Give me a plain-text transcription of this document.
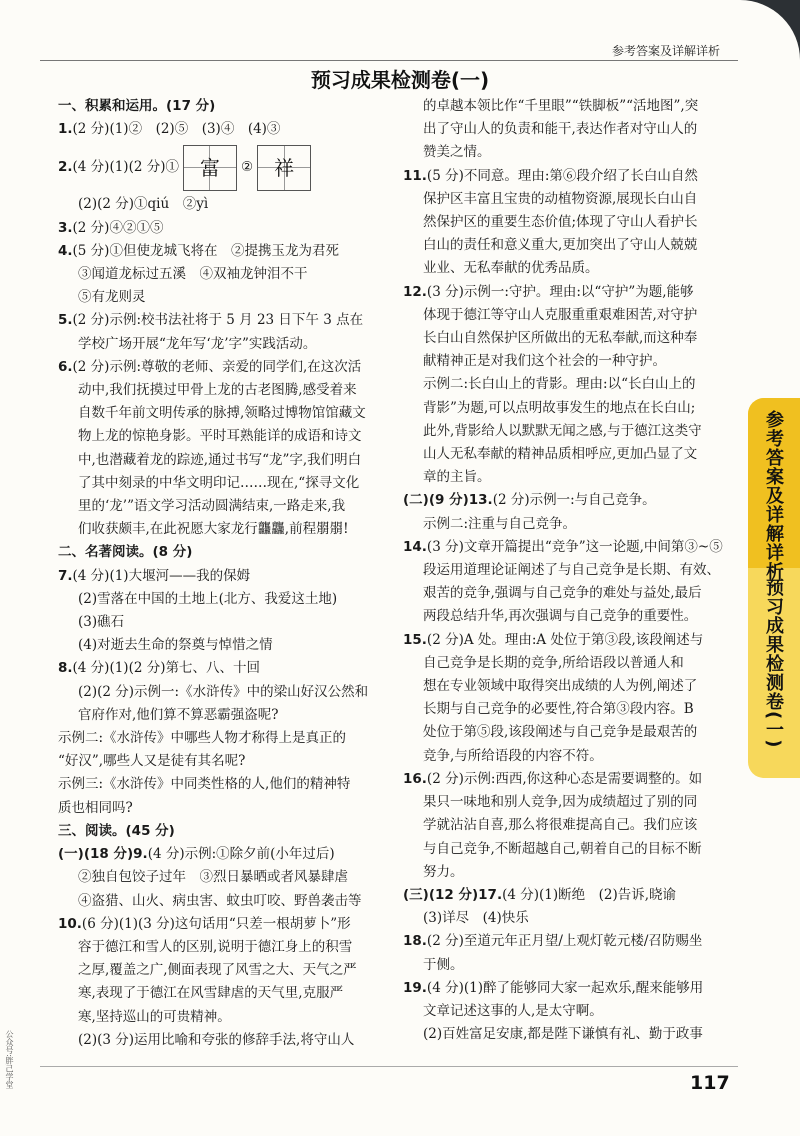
参考答案及详解详析
预习成果检测卷(一)
一、积累和运用。(17 分)
1.(2 分)(1)②　(2)⑤　(3)④　(4)③
2.(4 分)(1)(2 分)① 富 ② 祥
(2)(2 分)①qiú　②yì
3.(2 分)④②①⑤
4.(5 分)①但使龙城飞将在　②提携玉龙为君死
③闻道龙标过五溪　④双袖龙钟泪不干
⑤有龙则灵
5.(2 分)示例:校书法社将于 5 月 23 日下午 3 点在
学校广场开展“龙年写‘龙’字”实践活动。
6.(2 分)示例:尊敬的老师、亲爱的同学们,在这次活
动中,我们抚摸过甲骨上龙的古老图腾,感受着来
自数千年前文明传承的脉搏,领略过博物馆馆藏文
物上龙的惊艳身影。平时耳熟能详的成语和诗文
中,也潜藏着龙的踪迹,通过书写“龙”字,我们明白
了其中刻录的中华文明印记……现在,“探寻文化
里的‘龙’”语文学习活动圆满结束,一路走来,我
们收获颇丰,在此祝愿大家龙行龘龘,前程朤朤!
二、名著阅读。(8 分)
7.(4 分)(1)大堰河——我的保姆
(2)雪落在中国的土地上(北方、我爱这土地)
(3)礁石
(4)对逝去生命的祭奠与悼惜之情
8.(4 分)(1)(2 分)第七、八、十回
(2)(2 分)示例一:《水浒传》中的梁山好汉公然和
官府作对,他们算不算恶霸强盗呢?
示例二:《水浒传》中哪些人物才称得上是真正的
“好汉”,哪些人又是徒有其名呢?
示例三:《水浒传》中同类性格的人,他们的精神特
质也相同吗?
三、阅读。(45 分)
(一)(18 分)9.(4 分)示例:①除夕前(小年过后)
②独自包饺子过年　③烈日暴晒或者风暴肆虐
④盗猎、山火、病虫害、蚊虫叮咬、野兽袭击等
10.(6 分)(1)(3 分)这句话用“只差一根胡萝卜”形
容于德江和雪人的区别,说明于德江身上的积雪
之厚,覆盖之广,侧面表现了风雪之大、天气之严
寒,表现了于德江在风雪肆虐的天气里,克服严
寒,坚持巡山的可贵精神。
(2)(3 分)运用比喻和夸张的修辞手法,将守山人
的卓越本领比作“千里眼”“铁脚板”“活地图”,突
出了守山人的负责和能干,表达作者对守山人的
赞美之情。
11.(5 分)不同意。理由:第⑥段介绍了长白山自然
保护区丰富且宝贵的动植物资源,展现长白山自
然保护区的重要生态价值;体现了守山人看护长
白山的责任和意义重大,更加突出了守山人兢兢
业业、无私奉献的优秀品质。
12.(3 分)示例一:守护。理由:以“守护”为题,能够
体现于德江等守山人克服重重艰难困苦,对守护
长白山自然保护区所做出的无私奉献,而这种奉
献精神正是对我们这个社会的一种守护。
示例二:长白山上的背影。理由:以“长白山上的
背影”为题,可以点明故事发生的地点在长白山;
此外,背影给人以默默无闻之感,与于德江这类守
山人无私奉献的精神品质相呼应,更加凸显了文
章的主旨。
(二)(9 分)13.(2 分)示例一:与自己竞争。
示例二:注重与自己竞争。
14.(3 分)文章开篇提出“竞争”这一论题,中间第③~⑤
段运用道理论证阐述了与自己竞争是长期、有效、
艰苦的竞争,强调与自己竞争的难处与益处,最后
两段总结升华,再次强调与自己竞争的重要性。
15.(2 分)A 处。理由:A 处位于第③段,该段阐述与
自己竞争是长期的竞争,所给语段以普通人和
想在专业领域中取得突出成绩的人为例,阐述了
长期与自己竞争的必要性,符合第③段内容。B
处位于第⑤段,该段阐述与自己竞争是最艰苦的
竞争,与所给语段的内容不符。
16.(2 分)示例:西西,你这种心态是需要调整的。如
果只一味地和别人竞争,因为成绩超过了别的同
学就沾沾自喜,那么将很难提高自己。我们应该
与自己竞争,不断超越自己,朝着自己的目标不断
努力。
(三)(12 分)17.(4 分)(1)断绝　(2)告诉,晓谕
(3)详尽　(4)快乐
18.(2 分)至道元年正月望/上观灯乾元楼/召防赐坐
于侧。
19.(4 分)(1)醉了能够同大家一起欢乐,醒来能够用
文章记述这事的人,是太守啊。
(2)百姓富足安康,都是陛下谦慎有礼、勤于政事
参考答案及详解详析
预习成果检测卷(一)
117
公众号:胖己学堂
